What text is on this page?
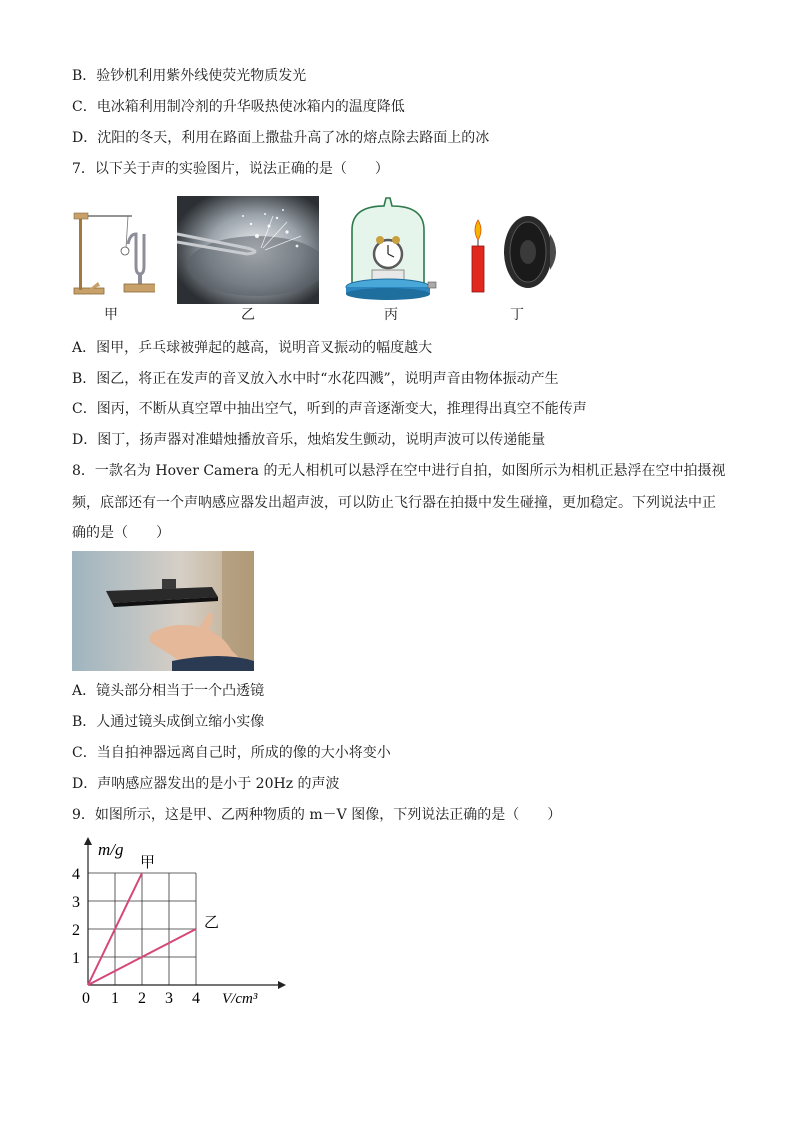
B．验钞机利用紫外线使荧光物质发光
C．电冰箱利用制冷剂的升华吸热使冰箱内的温度降低
D．沈阳的冬天，利用在路面上撒盐升高了冰的熔点除去路面上的冰
7．以下关于声的实验图片，说法正确的是（　　）
甲	乙	丙	丁
A．图甲，乒乓球被弹起的越高，说明音叉振动的幅度越大
B．图乙，将正在发声的音叉放入水中时“水花四溅”，说明声音由物体振动产生
C．图丙，不断从真空罩中抽出空气，听到的声音逐渐变大，推理得出真空不能传声
D．图丁，扬声器对准蜡烛播放音乐，烛焰发生颤动，说明声波可以传递能量
8．一款名为 Hover Camera 的无人相机可以悬浮在空中进行自拍，如图所示为相机正悬浮在空中拍摄视
频，底部还有一个声呐感应器发出超声波，可以防止飞行器在拍摄中发生碰撞，更加稳定。下列说法中正
确的是（　　）
A．镜头部分相当于一个凸透镜
B．人通过镜头成倒立缩小实像
C．当自拍神器远离自己时，所成的像的大小将变小
D．声呐感应器发出的是小于 20Hz 的声波
9．如图所示，这是甲、乙两种物质的 m－V 图像，下列说法正确的是（　　）
甲
乙
0 1 2 3 4
1
2
3
4
m/g
V/cm³
